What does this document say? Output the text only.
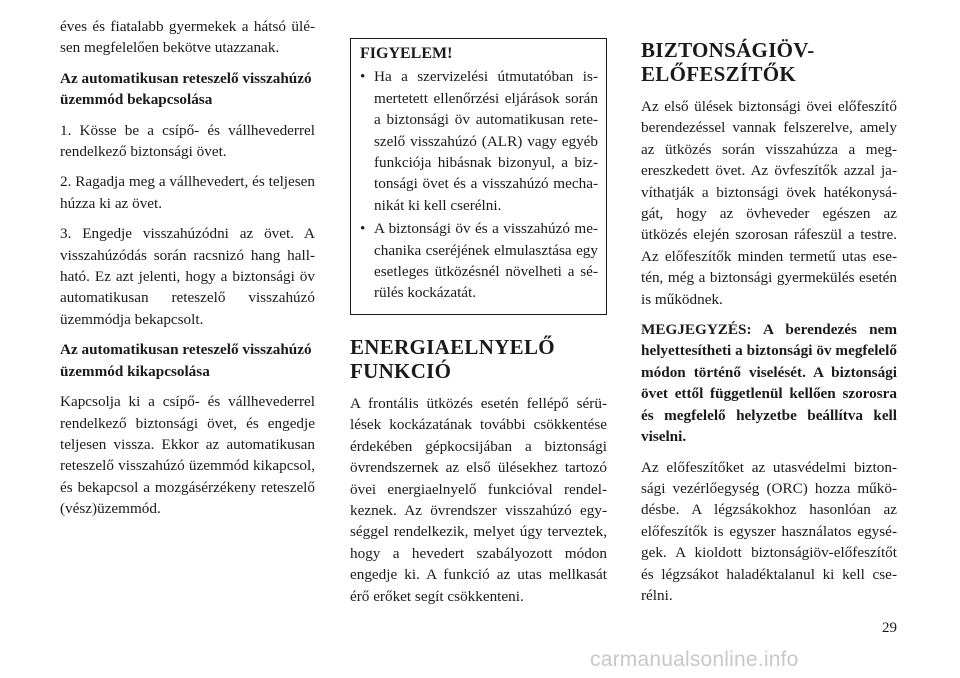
éves és fiatalabb gyermekek a hátsó ülésen megfelelően bekötve utazzanak.

Az automatikusan reteszelő visszahúzó üzemmód bekapcsolása

1. Kösse be a csípő- és vállhevederrel rendelkező biztonsági övet.

2. Ragadja meg a vállhevedert, és teljesen húzza ki az övet.

3. Engedje visszahúzódni az övet. A visszahúzódás során racsnizó hang hallható. Ez azt jelenti, hogy a biztonsági öv automatikusan reteszelő visszahúzó üzemmódja bekapcsolt.

Az automatikusan reteszelő visszahúzó üzemmód kikapcsolása

Kapcsolja ki a csípő- és vállhevederrel rendelkező biztonsági övet, és engedje teljesen vissza. Ekkor az automatikusan reteszelő visszahúzó üzemmód kikapcsol, és bekapcsol a mozgásérzékeny reteszelő (vész)üzemmód.

FIGYELEM!
• Ha a szervizelési útmutatóban ismertetett ellenőrzési eljárások során a biztonsági öv automatikusan reteszelő visszahúzó (ALR) vagy egyéb funkciója hibásnak bizonyul, a biztonsági övet és a visszahúzó mechanikát ki kell cserélni.
• A biztonsági öv és a visszahúzó mechanika cseréjének elmulasztása egy esetleges ütközésnél növelheti a sérülés kockázatát.
ENERGIAELNYELŐ FUNKCIÓ

A frontális ütközés esetén fellépő sérülések kockázatának további csökkentése érdekében gépkocsijában a biztonsági övrendszernek az első ülésekhez tartozó övei energiaelnyelő funkcióval rendelkeznek. Az övrendszer visszahúzó egységgel rendelkezik, melyet úgy terveztek, hogy a hevedert szabályozott módon engedje ki. A funkció az utas mellkasát érő erőket segít csökkenteni.

BIZTONSÁGIÖV-ELŐFESZÍTŐK

Az első ülések biztonsági övei előfeszítő berendezéssel vannak felszerelve, amely az ütközés során visszahúzza a megereszkedett övet. Az övfeszítők azzal javíthatják a biztonsági övek hatékonyságát, hogy az övheveder egészen az ütközés elején szorosan ráfeszül a testre. Az előfeszítők minden termetű utas esetén, még a biztonsági gyermekülés esetén is működnek.

MEGJEGYZÉS: A berendezés nem helyettesítheti a biztonsági öv megfelelő módon történő viselését. A biztonsági övet ettől függetlenül kellően szorosra és megfelelő helyzetbe beállítva kell viselni.

Az előfeszítőket az utasvédelmi biztonsági vezérlőegység (ORC) hozza működésbe. A légzsákokhoz hasonlóan az előfeszítők is egyszer használatos egységek. A kioldott biztonságiöv-előfeszítőt és légzsákot haladéktalanul ki kell cserélni.

29
carmanualsonline.info
